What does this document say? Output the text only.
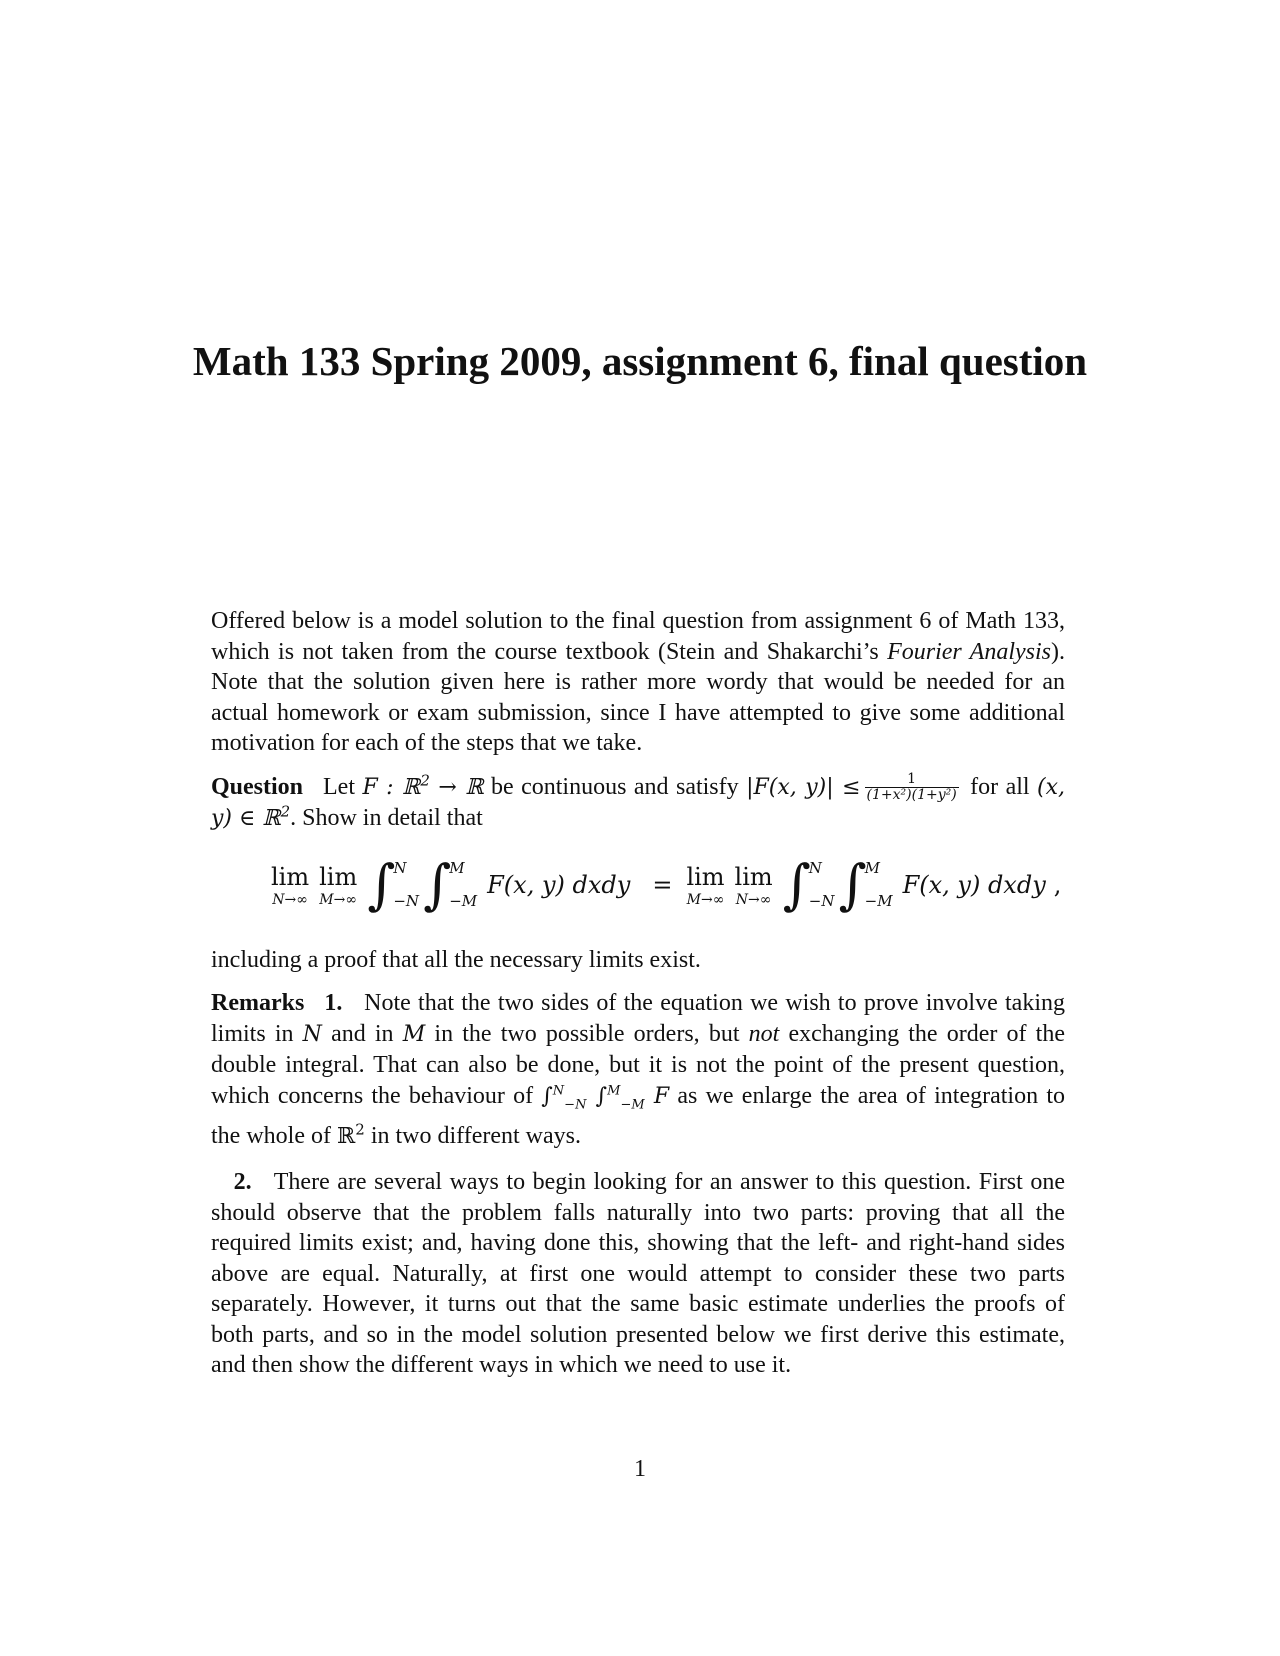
Math 133 Spring 2009, assignment 6, final question

Offered below is a model solution to the final question from assignment 6 of Math 133, which is not taken from the course textbook (Stein and Shakarchi’s Fourier Analysis). Note that the solution given here is rather more wordy that would be needed for an actual homework or exam submission, since I have attempted to give some additional motivation for each of the steps that we take.

Question Let F : ℝ$^2$ → ℝ be continuous and satisfy |F(x, $y)| \le \frac{1}{\text{(1+x²)(1+y²)}}$ for all (x, y) ∈ ℝ$^2$. Show in detail that

lim
N→∞
lim
M→∞ ∫
N
−N ∫
M
−M
F(x, y) dxdy = lim
M→∞
lim
N→∞ ∫
N
−N ∫
M
−M
F(x, y) dxdy ,

including a proof that all the necessary limits exist.

Remarks 1. Note that the two sides of the equation we wish to prove involve taking limits in N and in M in the two possible orders, but not exchanging the order of the double integral. That can also be done, but it is not the point of the present question, which concerns the behaviour of ∫$^N_{-N}$ ∫$^M_{-M}$ F as we enlarge the area of integration to the whole of ℝ$^2$ in two different ways.

2. There are several ways to begin looking for an answer to this question. First one should observe that the problem falls naturally into two parts: proving that all the required limits exist; and, having done this, showing that the left- and right-hand sides above are equal. Naturally, at first one would attempt to consider these two parts separately. However, it turns out that the same basic estimate underlies the proofs of both parts, and so in the model solution presented below we first derive this estimate, and then show the different ways in which we need to use it.

1
